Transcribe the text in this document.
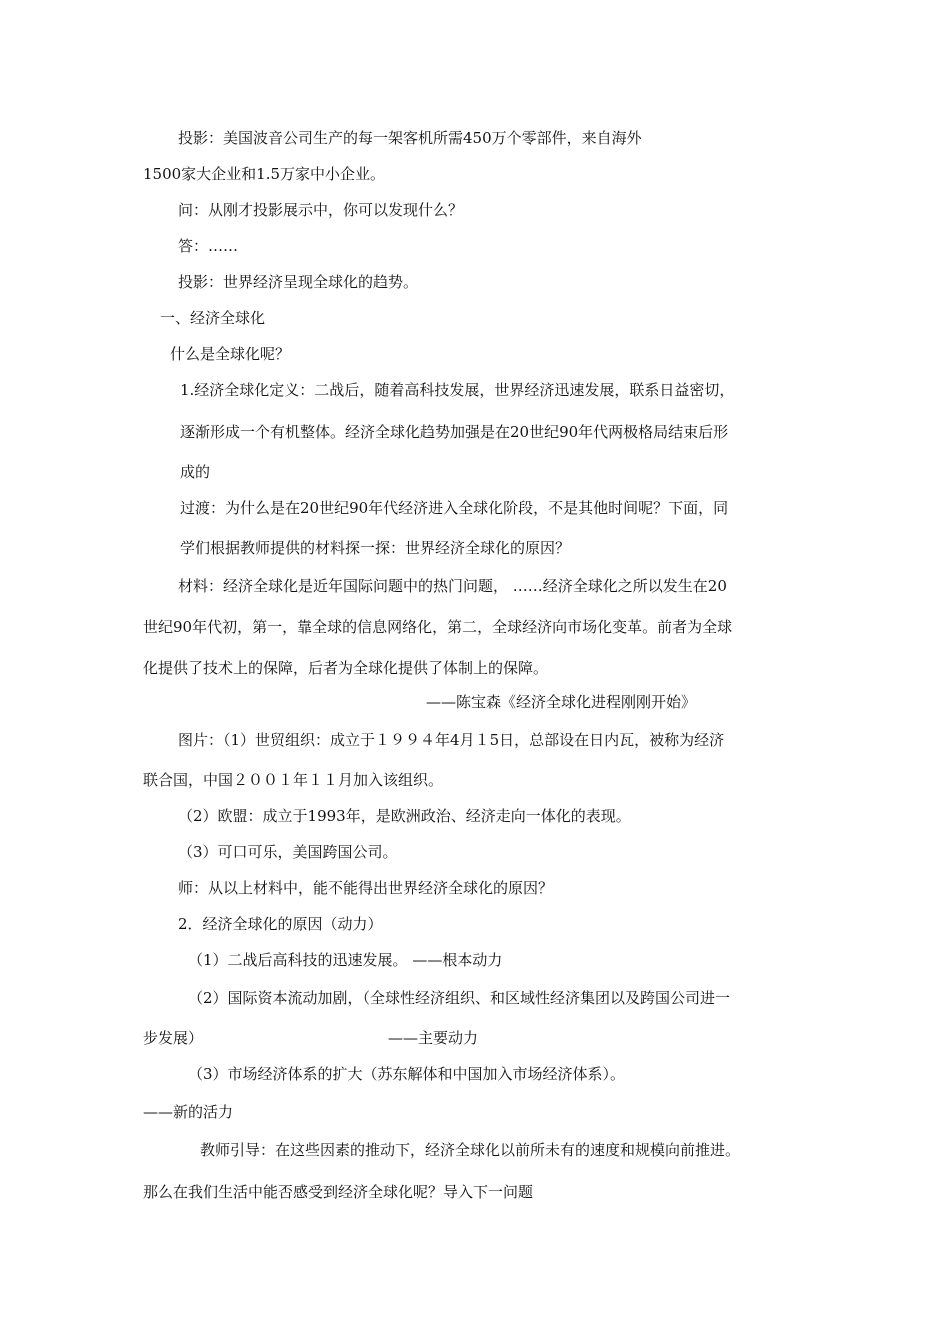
投影：美国波音公司生产的每一架客机所需450万个零部件，来自海外
1500家大企业和1.5万家中小企业。
问：从刚才投影展示中，你可以发现什么？
答：……
投影：世界经济呈现全球化的趋势。
一、经济全球化
什么是全球化呢？
1.经济全球化定义：二战后，随着高科技发展，世界经济迅速发展，联系日益密切，
逐渐形成一个有机整体。经济全球化趋势加强是在20世纪90年代两极格局结束后形
成的
过渡：为什么是在20世纪90年代经济进入全球化阶段，不是其他时间呢？下面，同
学们根据教师提供的材料探一探：世界经济全球化的原因？
材料：经济全球化是近年国际问题中的热门问题， ……经济全球化之所以发生在20
世纪90年代初，第一，靠全球的信息网络化，第二，全球经济向市场化变革。前者为全球
化提供了技术上的保障，后者为全球化提供了体制上的保障。
——陈宝森《经济全球化进程刚刚开始》
图片：（1）世贸组织：成立于１９９４年4月１5日，总部设在日内瓦，被称为经济
联合国，中国２００１年１１月加入该组织。
（2）欧盟：成立于1993年，是欧洲政治、经济走向一体化的表现。
（3）可口可乐，美国跨国公司。
师：从以上材料中，能不能得出世界经济全球化的原因？
2．经济全球化的原因（动力）
（1）二战后高科技的迅速发展。 ——根本动力
（2）国际资本流动加剧，（全球性经济组织、和区域性经济集团以及跨国公司进一
步发展）	——主要动力
（3）市场经济体系的扩大（苏东解体和中国加入市场经济体系）。
——新的活力
教师引导：在这些因素的推动下，经济全球化以前所未有的速度和规模向前推进。
那么在我们生活中能否感受到经济全球化呢？导入下一问题
